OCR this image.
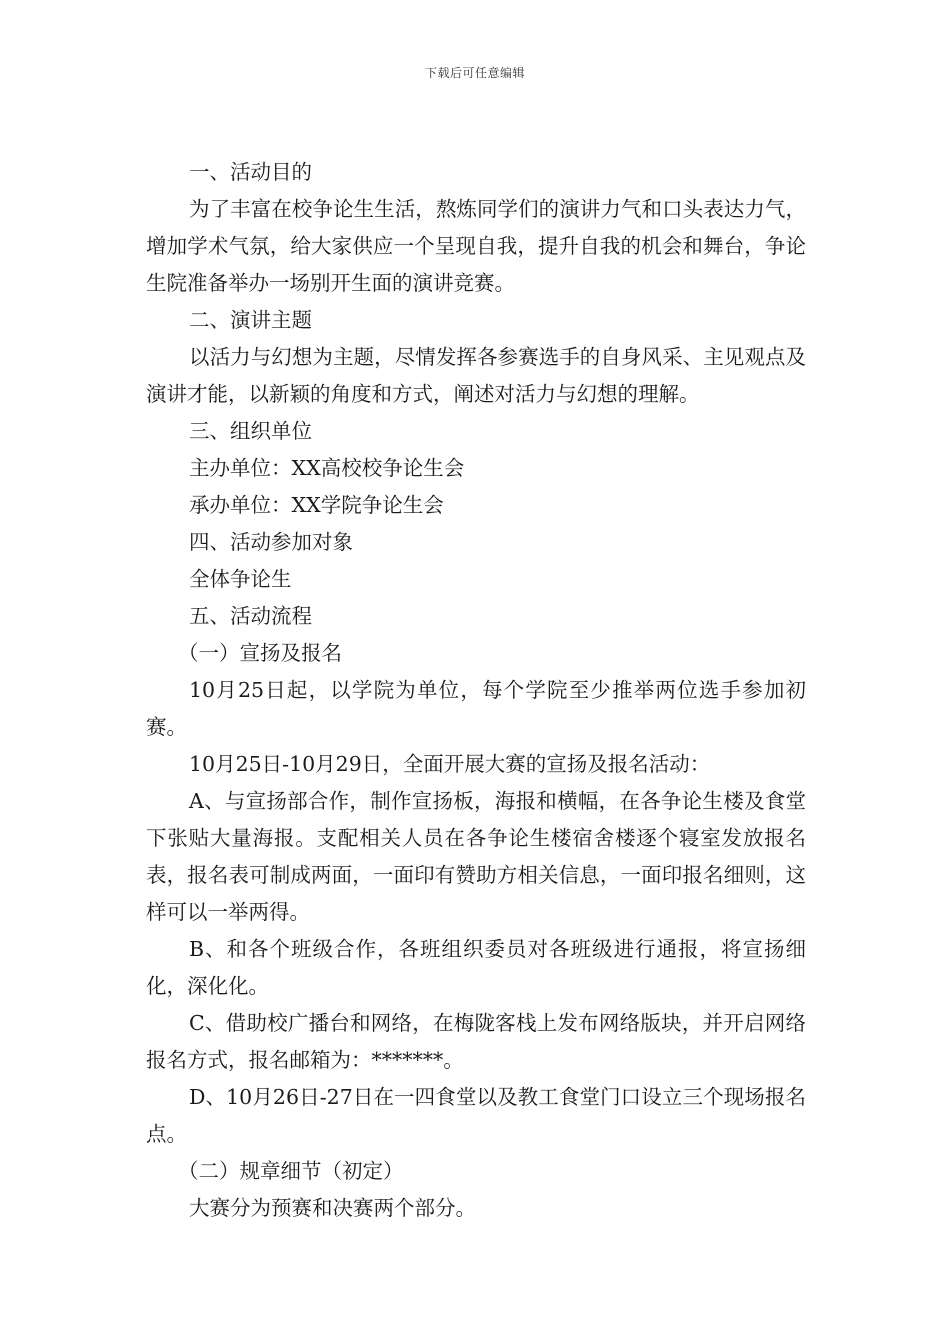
下载后可任意编辑

一、活动目的

为了丰富在校争论生生活，熬炼同学们的演讲力气和口头表达力气，增加学术气氛，给大家供应一个呈现自我，提升自我的机会和舞台，争论生院准备举办一场别开生面的演讲竞赛。

二、演讲主题

以活力与幻想为主题，尽情发挥各参赛选手的自身风采、主见观点及演讲才能，以新颖的角度和方式，阐述对活力与幻想的理解。

三、组织单位

主办单位：XX高校校争论生会

承办单位：XX学院争论生会

四、活动参加对象

全体争论生

五、活动流程

（一）宣扬及报名

10月25日起，以学院为单位，每个学院至少推举两位选手参加初赛。

10月25日-10月29日，全面开展大赛的宣扬及报名活动：

A、与宣扬部合作，制作宣扬板，海报和横幅，在各争论生楼及食堂下张贴大量海报。支配相关人员在各争论生楼宿舍楼逐个寝室发放报名表，报名表可制成两面，一面印有赞助方相关信息，一面印报名细则，这样可以一举两得。

B、和各个班级合作，各班组织委员对各班级进行通报，将宣扬细化，深化化。

C、借助校广播台和网络，在梅陇客栈上发布网络版块，并开启网络报名方式，报名邮箱为：*******。

D、10月26日-27日在一四食堂以及教工食堂门口设立三个现场报名点。

（二）规章细节（初定）

大赛分为预赛和决赛两个部分。
